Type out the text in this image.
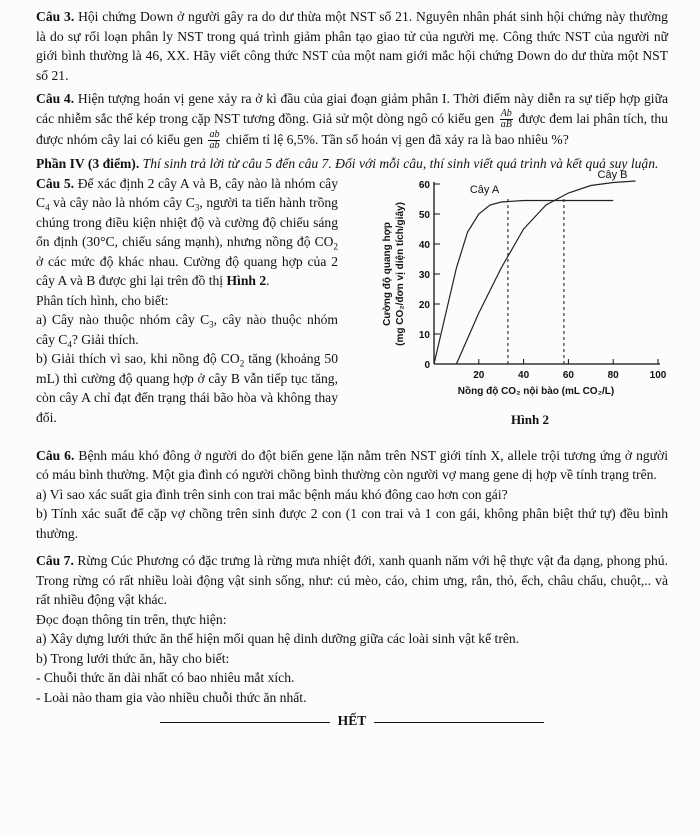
Câu 3. Hội chứng Down ở người gây ra do dư thừa một NST số 21. Nguyên nhân phát sinh hội chứng này thường là do sự rối loạn phân ly NST trong quá trình giảm phân tạo giao tử của người mẹ. Công thức NST của người nữ giới bình thường là 46, XX. Hãy viết công thức NST của một nam giới mắc hội chứng Down do dư thừa một NST số 21.

Câu 4. Hiện tượng hoán vị gene xảy ra ở kì đầu của giai đoạn giảm phân I. Thời điểm này diễn ra sự tiếp hợp giữa các nhiễm sắc thể kép trong cặp NST tương đồng. Giả sử một dòng ngô có kiểu gen $\frac{Ab}{aB}$ được đem lai phân tích, thu được nhóm cây lai có kiểu gen $\frac{ab}{ab}$ chiếm tỉ lệ 6,5%. Tần số hoán vị gen đã xảy ra là bao nhiêu %?

Phần IV (3 điểm). Thí sinh trả lời từ câu 5 đến câu 7. Đối với mỗi câu, thí sinh viết quá trình và kết quả suy luận.

Câu 5. Để xác định 2 cây A và B, cây nào là nhóm cây $C_4$ và cây nào là nhóm cây $C_3$, người ta tiến hành trồng chúng trong điều kiện nhiệt độ và cường độ chiếu sáng ổn định (30°C, chiếu sáng mạnh), nhưng nồng độ $CO_2$ ở các mức độ khác nhau. Cường độ quang hợp của 2 cây A và B được ghi lại trên đồ thị Hình 2.

Phân tích hình, cho biết:

a) Cây nào thuộc nhóm cây $C_3$, cây nào thuộc nhóm cây $C_4$? Giải thích.

b) Giải thích vì sao, khi nồng độ $CO_2$ tăng (khoảng 50 mL) thì cường độ quang hợp ở cây B vẫn tiếp tục tăng, còn cây A chỉ đạt đến trạng thái bão hòa và không thay đổi.

0
10
20
30
40
50
60
20	40	60	80	100
Cây A
Cây B
Nồng độ CO₂ nội bào (mL CO₂/L)
Cường độ quang hợp (mg CO₂/đơn vị diện tích/giây)
Hình 2

Câu 6. Bệnh máu khó đông ở người do đột biến gene lặn nằm trên NST giới tính X, allele trội tương ứng ở người có máu bình thường. Một gia đình có người chồng bình thường còn người vợ mang gene dị hợp về tính trạng trên.

a) Vì sao xác suất gia đình trên sinh con trai mắc bệnh máu khó đông cao hơn con gái?

b) Tính xác suất để cặp vợ chồng trên sinh được 2 con (1 con trai và 1 con gái, không phân biệt thứ tự) đều bình thường.

Câu 7. Rừng Cúc Phương có đặc trưng là rừng mưa nhiệt đới, xanh quanh năm với hệ thực vật đa dạng, phong phú. Trong rừng có rất nhiều loài động vật sinh sống, như: cú mèo, cáo, chim ưng, rắn, thỏ, ếch, châu chấu, chuột,.. và rất nhiều động vật khác.

Đọc đoạn thông tin trên, thực hiện:

a) Xây dựng lưới thức ăn thể hiện mối quan hệ dinh dưỡng giữa các loài sinh vật kể trên.

b) Trong lưới thức ăn, hãy cho biết:

- Chuỗi thức ăn dài nhất có bao nhiêu mắt xích.

- Loài nào tham gia vào nhiều chuỗi thức ăn nhất.

HẾT
